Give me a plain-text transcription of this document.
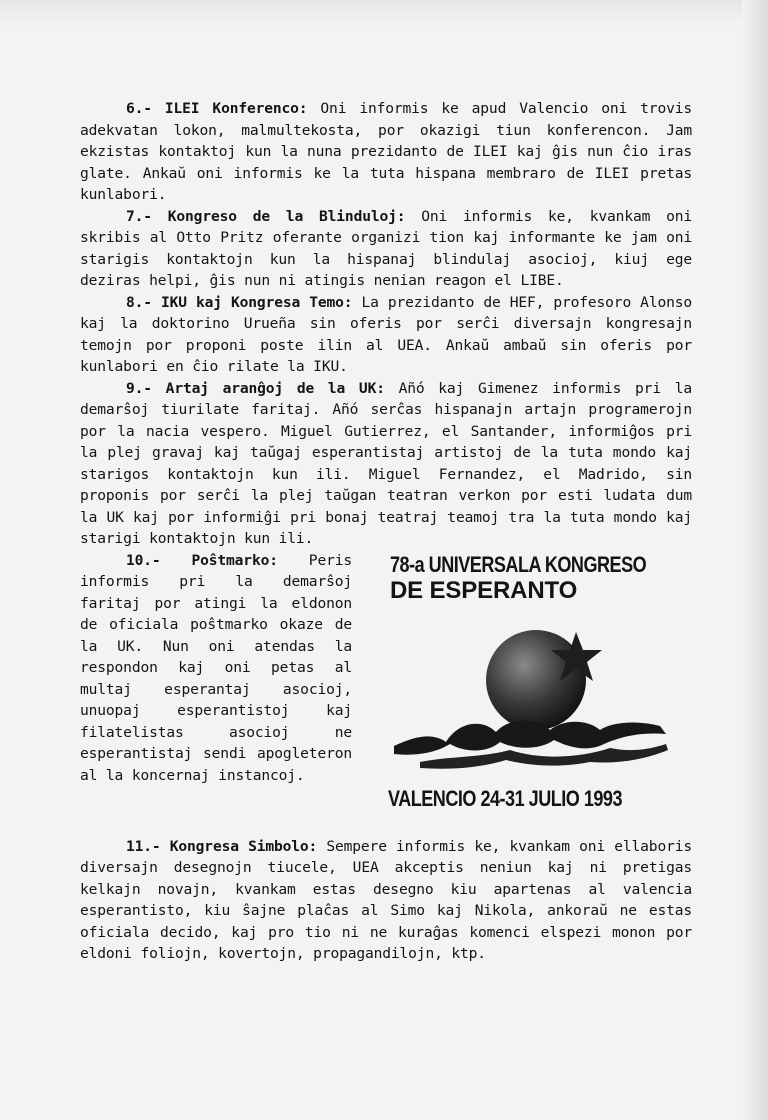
6.- ILEI Konferenco: Oni informis ke apud Valencio oni trovis adekvatan lokon, malmultekosta, por okazigi tiun konferencon. Jam ekzistas kontaktoj kun la nuna prezidanto de ILEI kaj ĝis nun ĉio iras glate. Ankaŭ oni informis ke la tuta hispana membraro de ILEI pretas kunlabori.

7.- Kongreso de la Blinduloj: Oni informis ke, kvankam oni skribis al Otto Pritz oferante organizi tion kaj informante ke jam oni starigis kontaktojn kun la hispanaj blindulaj asocioj, kiuj ege deziras helpi, ĝis nun ni atingis nenian reagon el LIBE.

8.- IKU kaj Kongresa Temo: La prezidanto de HEF, profesoro Alonso kaj la doktorino Urueña sin oferis por serĉi diversajn kongresajn temojn por proponi poste ilin al UEA. Ankaŭ ambaŭ sin oferis por kunlabori en ĉio rilate la IKU.

9.- Artaj aranĝoj de la UK: Añó kaj Gimenez informis pri la demarŝoj tiurilate faritaj. Añó serĉas hispanajn artajn programerojn por la nacia vespero. Miguel Gutierrez, el Santander, informiĝos pri la plej gravaj kaj taŭgaj esperantistaj artistoj de la tuta mondo kaj starigos kontaktojn kun ili. Miguel Fernandez, el Madrido, sin proponis por serĉi la plej taŭgan teatran verkon por esti ludata dum la UK kaj por informiĝi pri bonaj teatraj teamoj tra la tuta mondo kaj starigi kontaktojn kun ili.

10.- Poŝtmarko: Peris informis pri la demarŝoj faritaj por atingi la eldonon de oficiala poŝtmarko okaze de la UK. Nun oni atendas la respondon kaj oni petas al multaj esperantaj asocioj, unuopaj esperantistoj kaj filatelistas asocioj ne esperantistaj sendi apogleteron al la koncernaj instancoj.
78-a UNIVERSALA KONGRESO
DE ESPERANTO
VALENCIO 24-31 JULIO 1993

11.- Kongresa Simbolo: Sempere informis ke, kvankam oni ellaboris diversajn desegnojn tiucele, UEA akceptis neniun kaj ni pretigas kelkajn novajn, kvankam estas desegno kiu apartenas al valencia esperantisto, kiu ŝajne plaĉas al Simo kaj Nikola, ankoraŭ ne estas oficiala decido, kaj pro tio ni ne kuraĝas komenci elspezi monon por eldoni foliojn, kovertojn, propagandilojn, ktp.
